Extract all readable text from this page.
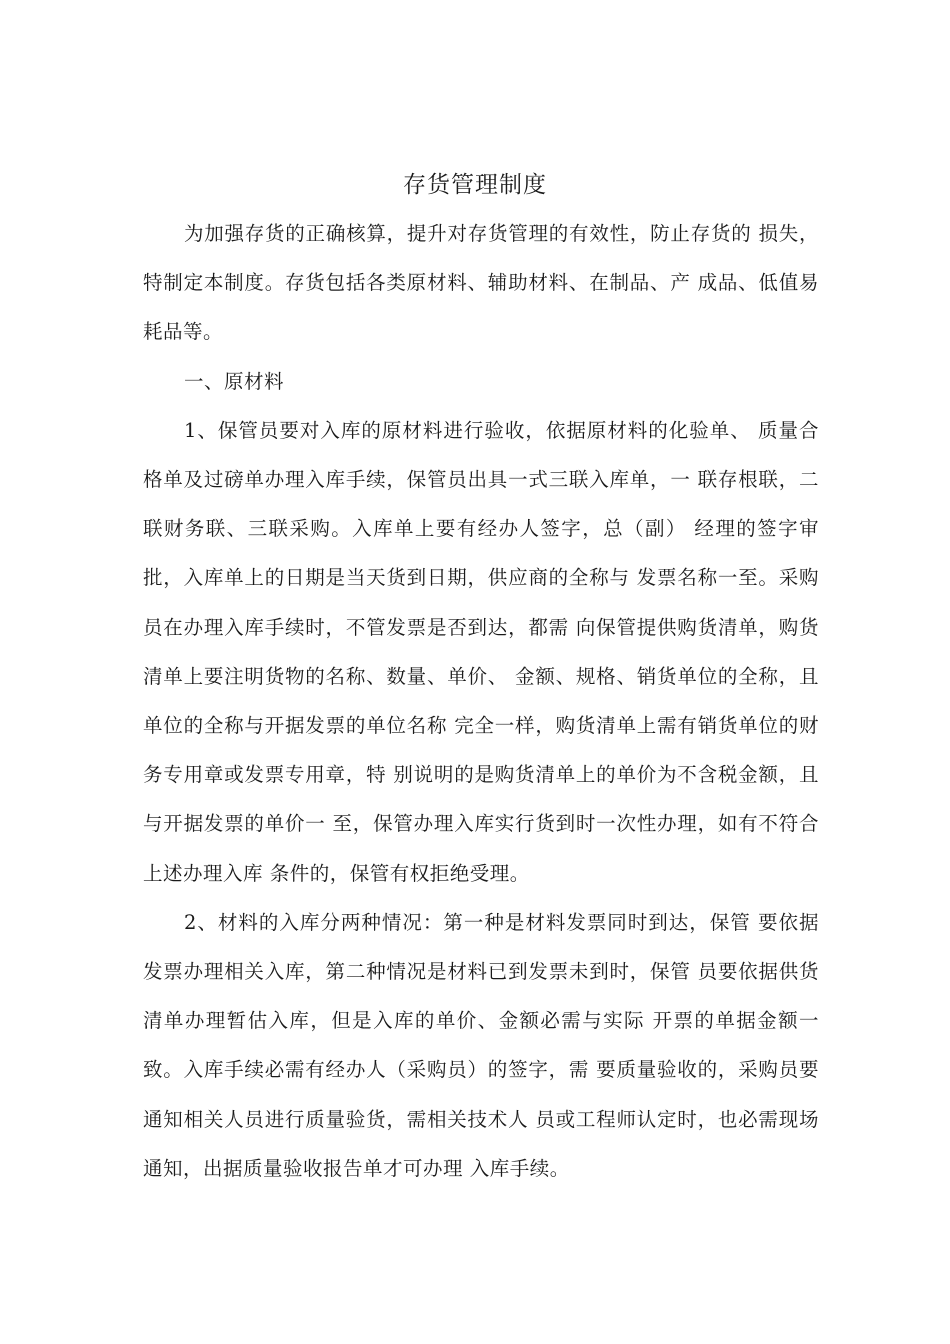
存货管理制度

为加强存货的正确核算，提升对存货管理的有效性，防止存货的 损失，特制定本制度。存货包括各类原材料、辅助材料、在制品、产 成品、低值易耗品等。

一、原材料

1、保管员要对入库的原材料进行验收，依据原材料的化验单、 质量合格单及过磅单办理入库手续，保管员出具一式三联入库单，一 联存根联，二联财务联、三联采购。入库单上要有经办人签字，总（副） 经理的签字审批，入库单上的日期是当天货到日期，供应商的全称与 发票名称一至。采购员在办理入库手续时，不管发票是否到达，都需 向保管提供购货清单，购货清单上要注明货物的名称、数量、单价、 金额、规格、销货单位的全称，且单位的全称与开据发票的单位名称 完全一样，购货清单上需有销货单位的财务专用章或发票专用章，特 别说明的是购货清单上的单价为不含税金额，且与开据发票的单价一 至，保管办理入库实行货到时一次性办理，如有不符合上述办理入库 条件的，保管有权拒绝受理。

2、材料的入库分两种情况：第一种是材料发票同时到达，保管 要依据发票办理相关入库，第二种情况是材料已到发票未到时，保管 员要依据供货清单办理暂估入库，但是入库的单价、金额必需与实际 开票的单据金额一致。入库手续必需有经办人（采购员）的签字，需 要质量验收的，采购员要通知相关人员进行质量验货，需相关技术人 员或工程师认定时，也必需现场通知，出据质量验收报告单才可办理 入库手续。
